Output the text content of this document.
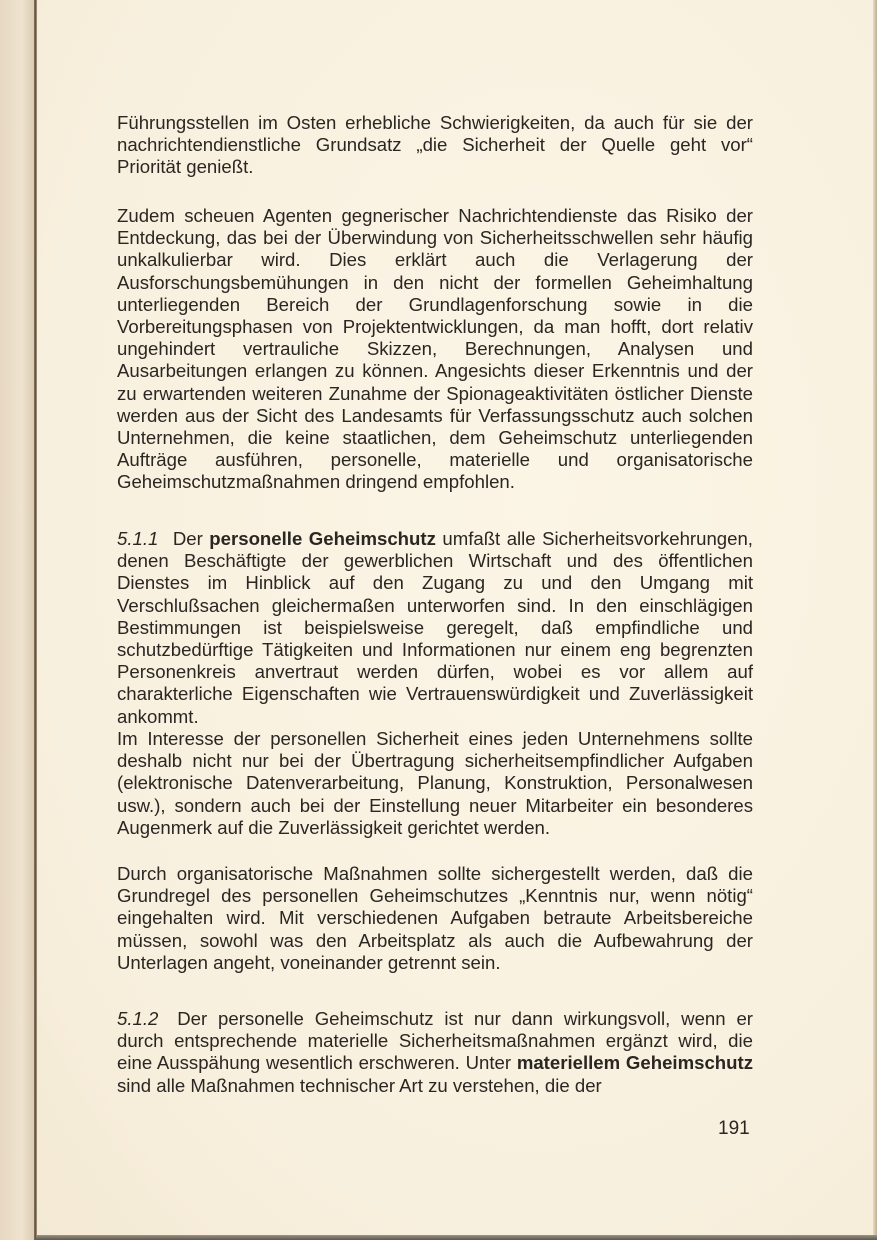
Führungsstellen im Osten erhebliche Schwierigkeiten, da auch für sie der nachrichtendienstliche Grundsatz „die Sicherheit der Quelle geht vor“ Priorität genießt.

Zudem scheuen Agenten gegnerischer Nachrichtendienste das Risiko der Entdeckung, das bei der Überwindung von Sicherheitsschwellen sehr häufig unkalkulierbar wird. Dies erklärt auch die Verlagerung der Ausforschungsbemühungen in den nicht der formellen Geheimhaltung unterliegenden Bereich der Grundlagenforschung sowie in die Vorbereitungsphasen von Projektentwicklungen, da man hofft, dort relativ ungehindert vertrauliche Skizzen, Berechnungen, Analysen und Ausarbeitungen erlangen zu können. Angesichts dieser Erkenntnis und der zu erwartenden weiteren Zunahme der Spionageaktivitäten östlicher Dienste werden aus der Sicht des Landesamts für Verfassungsschutz auch solchen Unternehmen, die keine staatlichen, dem Geheimschutz unterliegenden Aufträge ausführen, personelle, materielle und organisatorische Geheimschutzmaßnahmen dringend empfohlen.

5.1.1 Der personelle Geheimschutz umfaßt alle Sicherheitsvorkehrungen, denen Beschäftigte der gewerblichen Wirtschaft und des öffentlichen Dienstes im Hinblick auf den Zugang zu und den Umgang mit Verschlußsachen gleichermaßen unterworfen sind. In den einschlägigen Bestimmungen ist beispielsweise geregelt, daß empfindliche und schutzbedürftige Tätigkeiten und Informationen nur einem eng begrenzten Personenkreis anvertraut werden dürfen, wobei es vor allem auf charakterliche Eigenschaften wie Vertrauenswürdigkeit und Zuverlässigkeit ankommt.

Im Interesse der personellen Sicherheit eines jeden Unternehmens sollte deshalb nicht nur bei der Übertragung sicherheitsempfindlicher Aufgaben (elektronische Datenverarbeitung, Planung, Konstruktion, Personalwesen usw.), sondern auch bei der Einstellung neuer Mitarbeiter ein besonderes Augenmerk auf die Zuverlässigkeit gerichtet werden.

Durch organisatorische Maßnahmen sollte sichergestellt werden, daß die Grundregel des personellen Geheimschutzes „Kenntnis nur, wenn nötig“ eingehalten wird. Mit verschiedenen Aufgaben betraute Arbeitsbereiche müssen, sowohl was den Arbeitsplatz als auch die Aufbewahrung der Unterlagen angeht, voneinander getrennt sein.

5.1.2 Der personelle Geheimschutz ist nur dann wirkungsvoll, wenn er durch entsprechende materielle Sicherheitsmaßnahmen ergänzt wird, die eine Ausspähung wesentlich erschweren. Unter materiellem Geheimschutz sind alle Maßnahmen technischer Art zu verstehen, die der

191
